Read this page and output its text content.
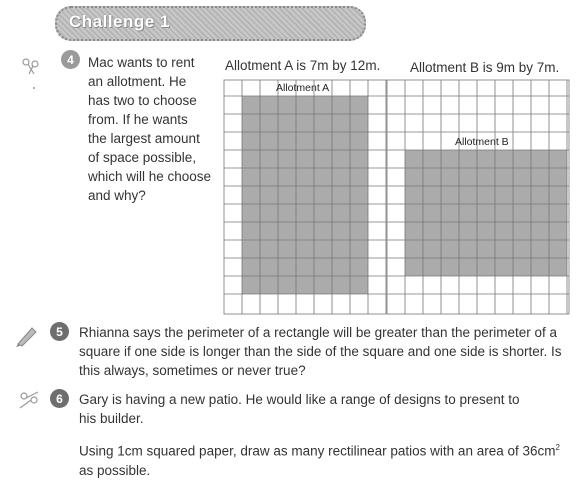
Challenge 1
4	Mac wants to rent
an allotment. He
has two to choose
from. If he wants
the largest amount
of space possible,
which will he choose
and why?
Allotment A is 7m by 12m. Allotment B is 9m by 7m.
Allotment A
Allotment B
5	Rhianna says the perimeter of a rectangle will be greater than the perimeter of a
square if one side is longer than the side of the square and one side is shorter. Is
this always, sometimes or never true?
6	Gary is having a new patio. He would like a range of designs to present to
his builder.
Using 1cm squared paper, draw as many rectilinear patios with an area of $36cm^2$
as possible.
